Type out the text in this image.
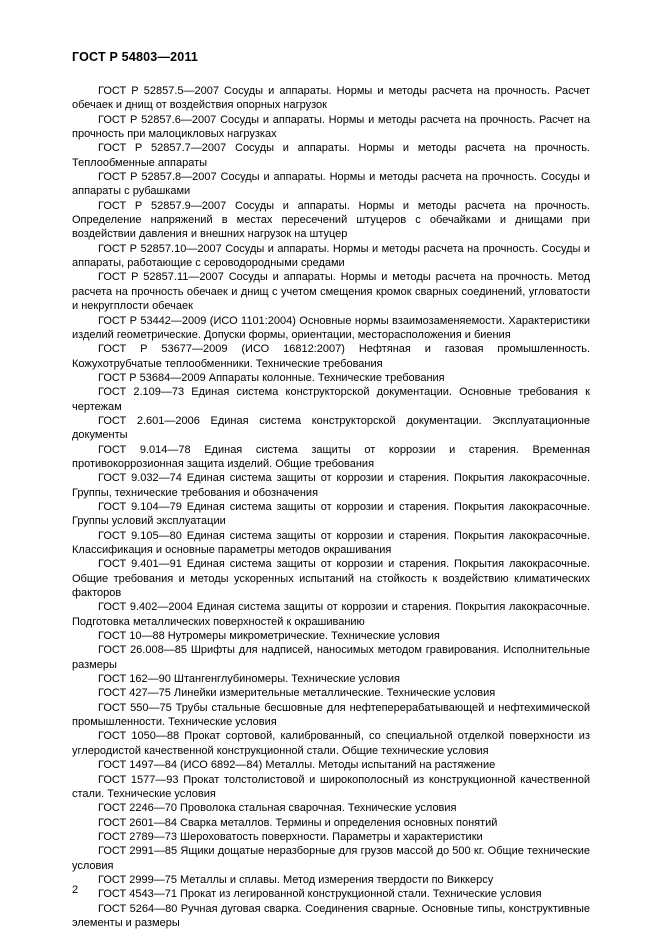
ГОСТ Р 54803—2011

ГОСТ Р 52857.5—2007 Сосуды и аппараты. Нормы и методы расчета на прочность. Расчет обечаек и днищ от воздействия опорных нагрузок

ГОСТ Р 52857.6—2007 Сосуды и аппараты. Нормы и методы расчета на прочность. Расчет на прочность при малоцикловых нагрузках

ГОСТ Р 52857.7—2007 Сосуды и аппараты. Нормы и методы расчета на прочность. Теплообменные аппараты

ГОСТ Р 52857.8—2007 Сосуды и аппараты. Нормы и методы расчета на прочность. Сосуды и аппараты с рубашками

ГОСТ Р 52857.9—2007 Сосуды и аппараты. Нормы и методы расчета на прочность. Определение напряжений в местах пересечений штуцеров с обечайками и днищами при воздействии давления и внешних нагрузок на штуцер

ГОСТ Р 52857.10—2007 Сосуды и аппараты. Нормы и методы расчета на прочность. Сосуды и аппараты, работающие с сероводородными средами

ГОСТ Р 52857.11—2007 Сосуды и аппараты. Нормы и методы расчета на прочность. Метод расчета на прочность обечаек и днищ с учетом смещения кромок сварных соединений, угловатости и некругплости обечаек

ГОСТ Р 53442—2009 (ИСО 1101:2004) Основные нормы взаимозаменяемости. Характеристики изделий геометрические. Допуски формы, ориентации, месторасположения и биения

ГОСТ Р 53677—2009 (ИСО 16812:2007) Нефтяная и газовая промышленность. Кожухотрубчатые теплообменники. Технические требования

ГОСТ Р 53684—2009 Аппараты колонные. Технические требования

ГОСТ 2.109—73 Единая система конструкторской документации. Основные требования к чертежам

ГОСТ 2.601—2006 Единая система конструкторской документации. Эксплуатационные документы

ГОСТ 9.014—78 Единая система защиты от коррозии и старения. Временная противокоррозионная защита изделий. Общие требования

ГОСТ 9.032—74 Единая система защиты от коррозии и старения. Покрытия лакокрасочные. Группы, технические требования и обозначения

ГОСТ 9.104—79 Единая система защиты от коррозии и старения. Покрытия лакокрасочные. Группы условий эксплуатации

ГОСТ 9.105—80 Единая система защиты от коррозии и старения. Покрытия лакокрасочные. Классификация и основные параметры методов окрашивания

ГОСТ 9.401—91 Единая система защиты от коррозии и старения. Покрытия лакокрасочные. Общие требования и методы ускоренных испытаний на стойкость к воздействию климатических факторов

ГОСТ 9.402—2004 Единая система защиты от коррозии и старения. Покрытия лакокрасочные. Подготовка металлических поверхностей к окрашиванию

ГОСТ 10—88 Нутромеры микрометрические. Технические условия

ГОСТ 26.008—85 Шрифты для надписей, наносимых методом гравирования. Исполнительные размеры

ГОСТ 162—90 Штангенглубиномеры. Технические условия

ГОСТ 427—75 Линейки измерительные металлические. Технические условия

ГОСТ 550—75 Трубы стальные бесшовные для нефтеперерабатывающей и нефтехимической промышленности. Технические условия

ГОСТ 1050—88 Прокат сортовой, калиброванный, со специальной отделкой поверхности из углеродистой качественной конструкционной стали. Общие технические условия

ГОСТ 1497—84 (ИСО 6892—84) Металлы. Методы испытаний на растяжение

ГОСТ 1577—93 Прокат толстолистовой и широкополосный из конструкционной качественной стали. Технические условия

ГОСТ 2246—70 Проволока стальная сварочная. Технические условия

ГОСТ 2601—84 Сварка металлов. Термины и определения основных понятий

ГОСТ 2789—73 Шероховатость поверхности. Параметры и характеристики

ГОСТ 2991—85 Ящики дощатые неразборные для грузов массой до 500 кг. Общие технические условия

ГОСТ 2999—75 Металлы и сплавы. Метод измерения твердости по Виккерсу

ГОСТ 4543—71 Прокат из легированной конструкционной стали. Технические условия

ГОСТ 5264—80 Ручная дуговая сварка. Соединения сварные. Основные типы, конструктивные элементы и размеры

2
